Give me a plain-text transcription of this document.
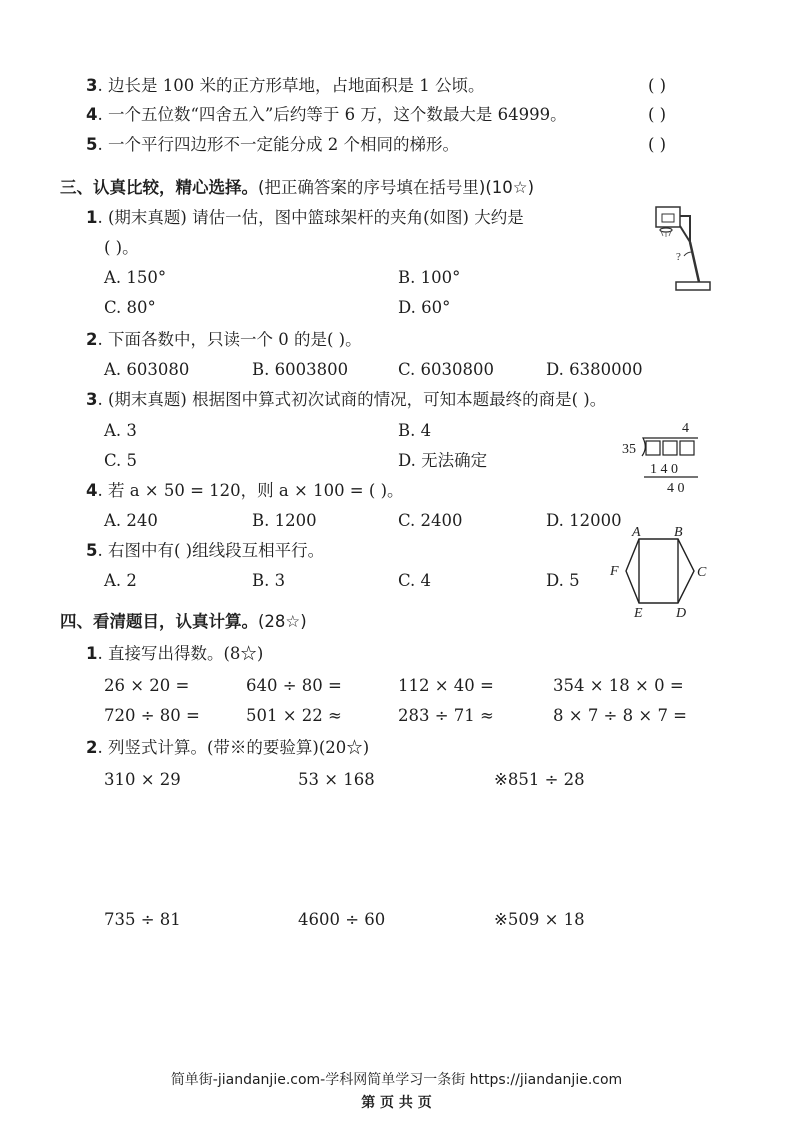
3. 边长是 100 米的正方形草地，占地面积是 1 公顷。	( )
4. 一个五位数“四舍五入”后约等于 6 万，这个数最大是 64999。	( )
5. 一个平行四边形不一定能分成 2 个相同的梯形。	( )
三、认真比较，精心选择。(把正确答案的序号填在括号里)(10☆)
1. (期末真题) 请估一估，图中篮球架杆的夹角(如图) 大约是
( )。
A. 150°	B. 100°
C. 80°	D. 60°
?
2. 下面各数中，只读一个 0 的是( )。
A. 603080	B. 6003800	C. 6030800	D. 6380000
3. (期末真题) 根据图中算式初次试商的情况，可知本题最终的商是( )。
A. 3	B. 4
C. 5	D. 无法确定
4
35
1 4 0
4 0
4. 若 a × 50 = 120，则 a × 100 = ( )。
A. 240	B. 1200	C. 2400	D. 12000
5. 右图中有( )组线段互相平行。
A. 2	B. 3	C. 4	D. 5
A B
C
D
E
F
四、看清题目，认真计算。(28☆)
1. 直接写出得数。(8☆)
26 × 20 =	640 ÷ 80 =	112 × 40 =	354 × 18 × 0 =
720 ÷ 80 =	501 × 22 ≈	283 ÷ 71 ≈	8 × 7 ÷ 8 × 7 =
2. 列竖式计算。(带※的要验算)(20☆)
310 × 29	53 × 168	※851 ÷ 28
735 ÷ 81	4600 ÷ 60	※509 × 18
简单街-jiandanjie.com-学科网简单学习一条街 https://jiandanjie.com
第 页 共 页
